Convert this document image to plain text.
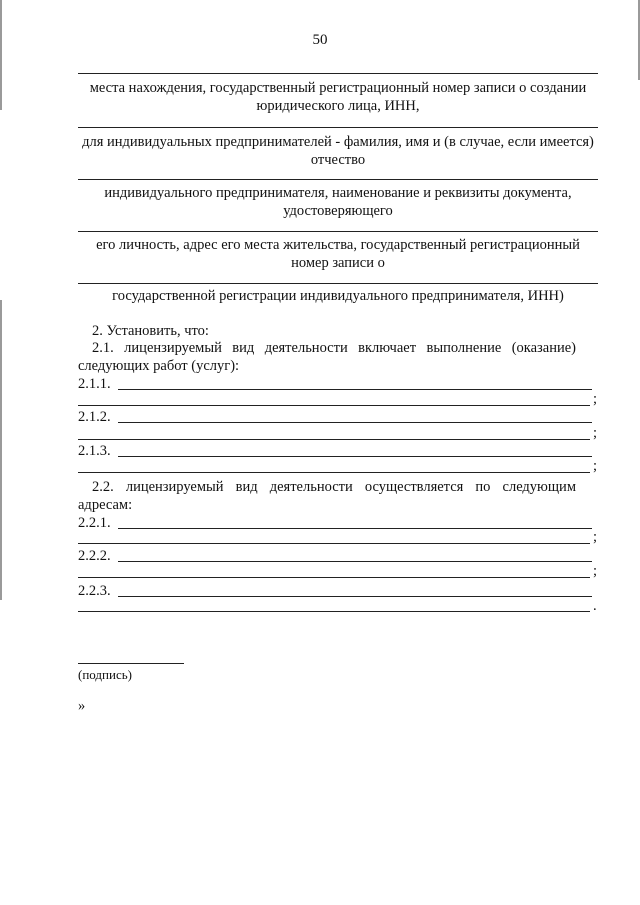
50
места нахождения, государственный регистрационный номер записи о создании юридического лица, ИНН,
для индивидуальных предпринимателей - фамилия, имя и (в случае, если имеется) отчество
индивидуального предпринимателя, наименование и реквизиты документа, удостоверяющего
его личность, адрес его места жительства, государственный регистрационный номер записи о
государственной регистрации индивидуального предпринимателя, ИНН)
2. Установить, что:
2.1. лицензируемый вид деятельности включает выполнение (оказание)
следующих работ (услуг):
2.1.1.
;
2.1.2.
;
2.1.3.
;
2.2. лицензируемый вид деятельности осуществляется по следующим
адресам:
2.2.1.
;
2.2.2.
;
2.2.3.
.
(подпись)
»
